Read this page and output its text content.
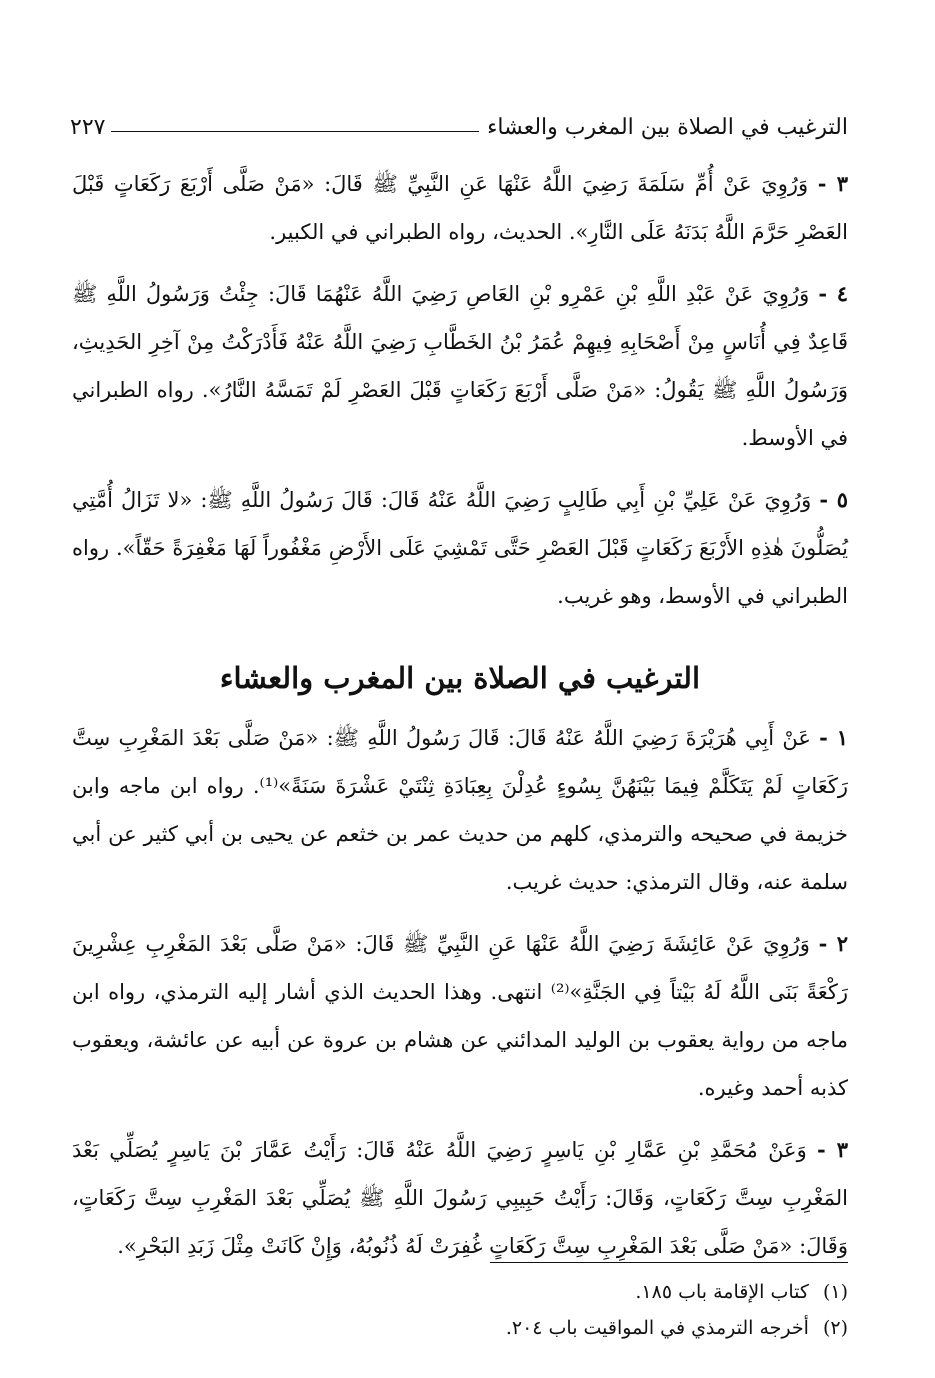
الترغيب في الصلاة بين المغرب والعشاء
٢٢٧

٣ - وَرُوِيَ عَنْ أُمِّ سَلَمَةَ رَضِيَ اللَّهُ عَنْهَا عَنِ النَّبِيِّ ﷺ قَالَ: «مَنْ صَلَّى أَرْبَعَ رَكَعَاتٍ قَبْلَ العَصْرِ حَرَّمَ اللَّهُ بَدَنَهُ عَلَى النَّارِ». الحديث، رواه الطبراني في الكبير.

٤ - وَرُوِيَ عَنْ عَبْدِ اللَّهِ بْنِ عَمْرِو بْنِ العَاصِ رَضِيَ اللَّهُ عَنْهُمَا قَالَ: جِئْتُ وَرَسُولُ اللَّهِ ﷺ قَاعِدٌ فِي أُنَاسٍ مِنْ أَصْحَابِهِ فِيهِمْ عُمَرُ بْنُ الخَطَّابِ رَضِيَ اللَّهُ عَنْهُ فَأَدْرَكْتُ مِنْ آخِرِ الحَدِيثِ، وَرَسُولُ اللَّهِ ﷺ يَقُولُ: «مَنْ صَلَّى أَرْبَعَ رَكَعَاتٍ قَبْلَ العَصْرِ لَمْ تَمَسَّهُ النَّارُ». رواه الطبراني في الأوسط.

٥ - وَرُوِيَ عَنْ عَلِيِّ بْنِ أَبِي طَالِبٍ رَضِيَ اللَّهُ عَنْهُ قَالَ: قَالَ رَسُولُ اللَّهِ ﷺ: «لا تَزَالُ أُمَّتِي يُصَلُّونَ هٰذِهِ الأَرْبَعَ رَكَعَاتٍ قَبْلَ العَصْرِ حَتَّى تَمْشِيَ عَلَى الأَرْضِ مَغْفُوراً لَهَا مَغْفِرَةً حَقّاً». رواه الطبراني في الأوسط، وهو غريب.

الترغيب في الصلاة بين المغرب والعشاء

١ - عَنْ أَبِي هُرَيْرَةَ رَضِيَ اللَّهُ عَنْهُ قَالَ: قَالَ رَسُولُ اللَّهِ ﷺ: «مَنْ صَلَّى بَعْدَ المَغْرِبِ سِتَّ رَكَعَاتٍ لَمْ يَتَكَلَّمْ فِيمَا بَيْنَهُنَّ بِسُوءٍ عُدِلْنَ بِعِبَادَةِ ثِنْتَيْ عَشْرَةَ سَنَةً»⁽¹⁾. رواه ابن ماجه وابن خزيمة في صحيحه والترمذي، كلهم من حديث عمر بن خثعم عن يحيى بن أبي كثير عن أبي سلمة عنه، وقال الترمذي: حديث غريب.

٢ - وَرُوِيَ عَنْ عَائِشَةَ رَضِيَ اللَّهُ عَنْهَا عَنِ النَّبِيِّ ﷺ قَالَ: «مَنْ صَلَّى بَعْدَ المَغْرِبِ عِشْرِينَ رَكْعَةً بَنَى اللَّهُ لَهُ بَيْتاً فِي الجَنَّةِ»⁽²⁾ انتهى. وهذا الحديث الذي أشار إليه الترمذي، رواه ابن ماجه من رواية يعقوب بن الوليد المدائني عن هشام بن عروة عن أبيه عن عائشة، ويعقوب كذبه أحمد وغيره.

٣ - وَعَنْ مُحَمَّدِ بْنِ عَمَّارِ بْنِ يَاسِرٍ رَضِيَ اللَّهُ عَنْهُ قَالَ: رَأَيْتُ عَمَّارَ بْنَ يَاسِرٍ يُصَلِّي بَعْدَ المَغْرِبِ سِتَّ رَكَعَاتٍ، وَقَالَ: رَأَيْتُ حَبِيبِي رَسُولَ اللَّهِ ﷺ يُصَلِّي بَعْدَ المَغْرِبِ سِتَّ رَكَعَاتٍ، وَقَالَ: «مَنْ صَلَّى بَعْدَ المَغْرِبِ سِتَّ رَكَعَاتٍ غُفِرَتْ لَهُ ذُنُوبُهُ، وَإِنْ كَانَتْ مِثْلَ زَبَدِ البَحْرِ».

(١)
كتاب الإقامة باب ١٨٥.
(٢)
أخرجه الترمذي في المواقيت باب ٢٠٤.
